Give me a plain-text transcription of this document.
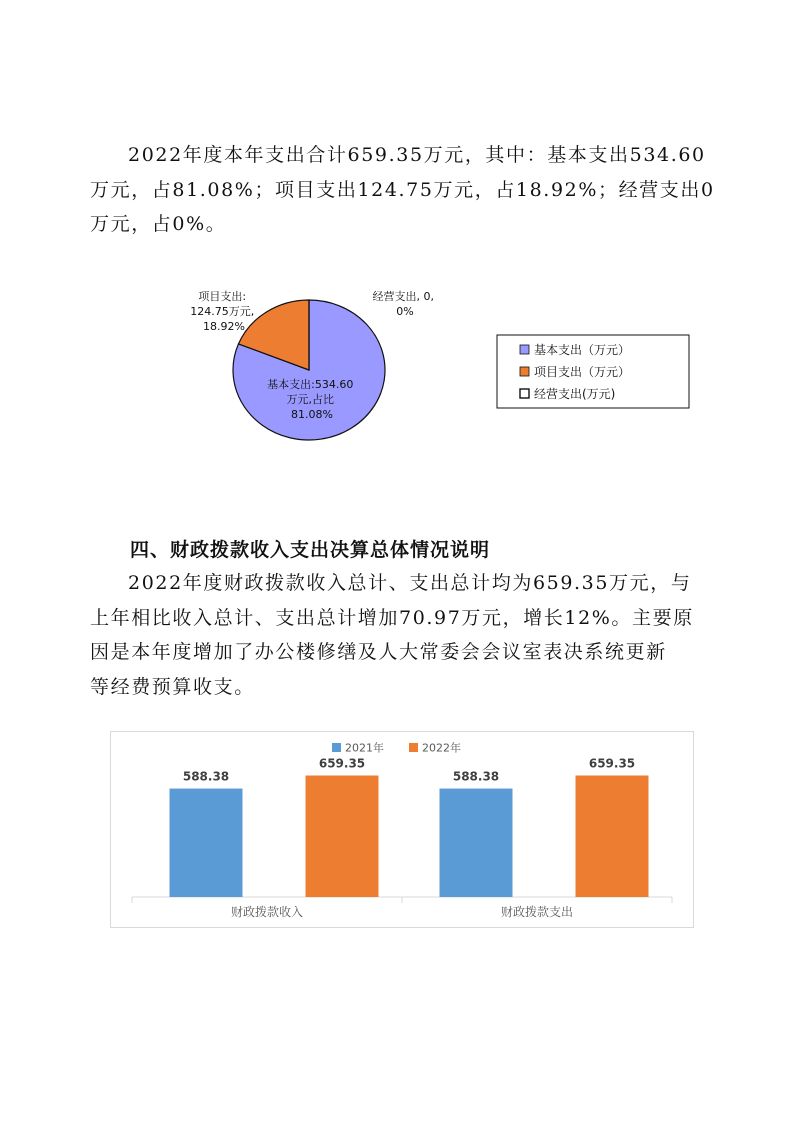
2022年度本年支出合计659.35万元，其中：基本支出534.60
万元，占81.08%；项目支出124.75万元，占18.92%；经营支出0
万元，占0%。
项目支出: 124.75万元, 18.92%
经营支出, 0, 0%
基本支出:534.60 万元,占比 81.08%
基本支出（万元）
项目支出（万元）
经营支出(万元)
四、财政拨款收入支出决算总体情况说明
2022年度财政拨款收入总计、支出总计均为659.35万元，与
上年相比收入总计、支出总计增加70.97万元，增长12%。主要原
因是本年度增加了办公楼修缮及人大常委会会议室表决系统更新
等经费预算收支。
2021年	2022年
588.38	588.38
659.35	659.35
财政拨款收入	财政拨款支出
